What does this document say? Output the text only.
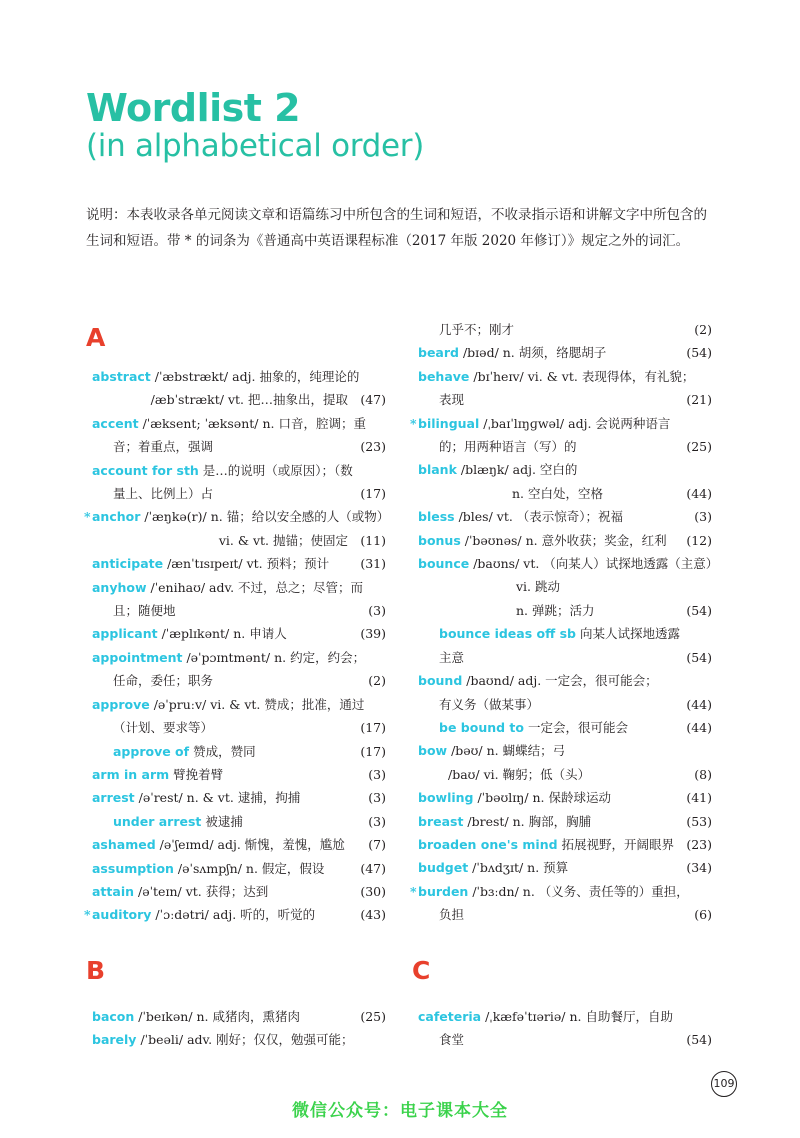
Wordlist 2
(in alphabetical order)

说明：本表收录各单元阅读文章和语篇练习中所包含的生词和短语，不收录指示语和讲解文字中所包含的生词和短语。带 * 的词条为《普通高中英语课程标准（2017 年版 2020 年修订）》规定之外的词汇。

A
abstract /ˈæbstrækt/ adj. 抽象的，纯理论的
/æbˈstrækt/ vt. 把…抽象出，提取 (47)
accent /ˈæksent; ˈæksənt/ n. 口音，腔调；重
音；着重点，强调	(23)
account for sth 是…的说明（或原因）；（数
量上、比例上）占	(17)
* anchor /ˈæŋkə(r)/ n. 锚；给以安全感的人（或物）
vi. & vt. 抛锚；使固定 (11)
anticipate /ænˈtɪsɪpeɪt/ vt. 预料；预计 (31)
anyhow /ˈenihaʊ/ adv. 不过，总之；尽管；而
且；随便地	(3)
applicant /ˈæplɪkənt/ n. 申请人	(39)
appointment /əˈpɔɪntmənt/ n. 约定，约会；
任命，委任；职务	(2)
approve /əˈpruːv/ vi. & vt. 赞成；批准，通过
（计划、要求等）	(17)
approve of 赞成，赞同	(17)
arm in arm 臂挽着臂	(3)
arrest /əˈrest/ n. & vt. 逮捕，拘捕	(3)
under arrest 被逮捕	(3)
ashamed /əˈʃeɪmd/ adj. 惭愧，羞愧，尴尬 (7)
assumption /əˈsʌmpʃn/ n. 假定，假设	(47)
attain /əˈteɪn/ vt. 获得；达到	(30)
* auditory /ˈɔːdətri/ adj. 听的，听觉的	(43)
B
bacon /ˈbeɪkən/ n. 咸猪肉，熏猪肉	(25)
barely /ˈbeəli/ adv. 刚好；仅仅，勉强可能；
几乎不；刚才	(2)
beard /bɪəd/ n. 胡须，络腮胡子	(54)
behave /bɪˈheɪv/ vi. & vt. 表现得体，有礼貌；
表现	(21)
* bilingual /ˌbaɪˈlɪŋɡwəl/ adj. 会说两种语言
的；用两种语言（写）的	(25)
blank /blæŋk/ adj. 空白的
n. 空白处，空格	(44)
bless /bles/ vt. （表示惊奇）；祝福	(3)
bonus /ˈbəʊnəs/ n. 意外收获；奖金，红利 (12)
bounce /baʊns/ vt. （向某人）试探地透露（主意）
vi. 跳动
n. 弹跳；活力	(54)
bounce ideas off sb 向某人试探地透露
主意	(54)
bound /baʊnd/ adj. 一定会，很可能会；
有义务（做某事）	(44)
be bound to 一定会，很可能会	(44)
bow /bəʊ/ n. 蝴蝶结；弓
/baʊ/ vi. 鞠躬；低（头）	(8)
bowling /ˈbəʊlɪŋ/ n. 保龄球运动	(41)
breast /brest/ n. 胸部，胸脯	(53)
broaden one's mind 拓展视野，开阔眼界 (23)
budget /ˈbʌdʒɪt/ n. 预算	(34)
* burden /ˈbɜːdn/ n. （义务、责任等的）重担，
负担	(6)
C
cafeteria /ˌkæfəˈtɪəriə/ n. 自助餐厅，自助
食堂	(54)
109
微信公众号：电子课本大全
